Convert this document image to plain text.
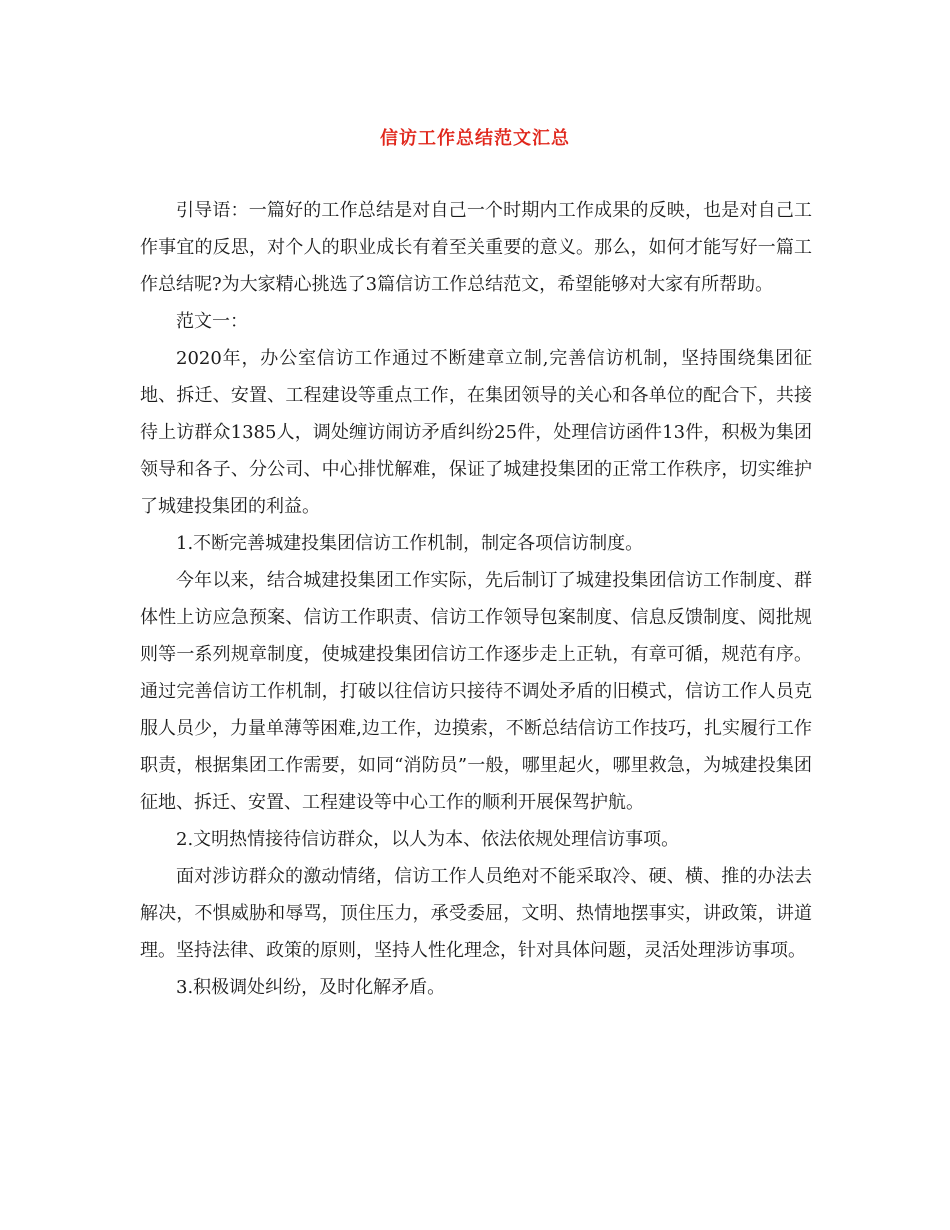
信访工作总结范文汇总

引导语：一篇好的工作总结是对自己一个时期内工作成果的反映，也是对自己工作事宜的反思，对个人的职业成长有着至关重要的意义。那么，如何才能写好一篇工作总结呢?为大家精心挑选了3篇信访工作总结范文，希望能够对大家有所帮助。

范文一：

2020年，办公室信访工作通过不断建章立制,完善信访机制，坚持围绕集团征地、拆迁、安置、工程建设等重点工作，在集团领导的关心和各单位的配合下，共接待上访群众1385人，调处缠访闹访矛盾纠纷25件，处理信访函件13件，积极为集团领导和各子、分公司、中心排忧解难，保证了城建投集团的正常工作秩序，切实维护了城建投集团的利益。

1.不断完善城建投集团信访工作机制，制定各项信访制度。

今年以来，结合城建投集团工作实际，先后制订了城建投集团信访工作制度、群体性上访应急预案、信访工作职责、信访工作领导包案制度、信息反馈制度、阅批规则等一系列规章制度，使城建投集团信访工作逐步走上正轨，有章可循，规范有序。通过完善信访工作机制，打破以往信访只接待不调处矛盾的旧模式，信访工作人员克服人员少，力量单薄等困难,边工作，边摸索，不断总结信访工作技巧，扎实履行工作职责，根据集团工作需要，如同“消防员”一般，哪里起火，哪里救急，为城建投集团征地、拆迁、安置、工程建设等中心工作的顺利开展保驾护航。

2.文明热情接待信访群众，以人为本、依法依规处理信访事项。

面对涉访群众的激动情绪，信访工作人员绝对不能采取冷、硬、横、推的办法去解决，不惧威胁和辱骂，顶住压力，承受委屈，文明、热情地摆事实，讲政策，讲道理。坚持法律、政策的原则，坚持人性化理念，针对具体问题，灵活处理涉访事项。

3.积极调处纠纷，及时化解矛盾。
